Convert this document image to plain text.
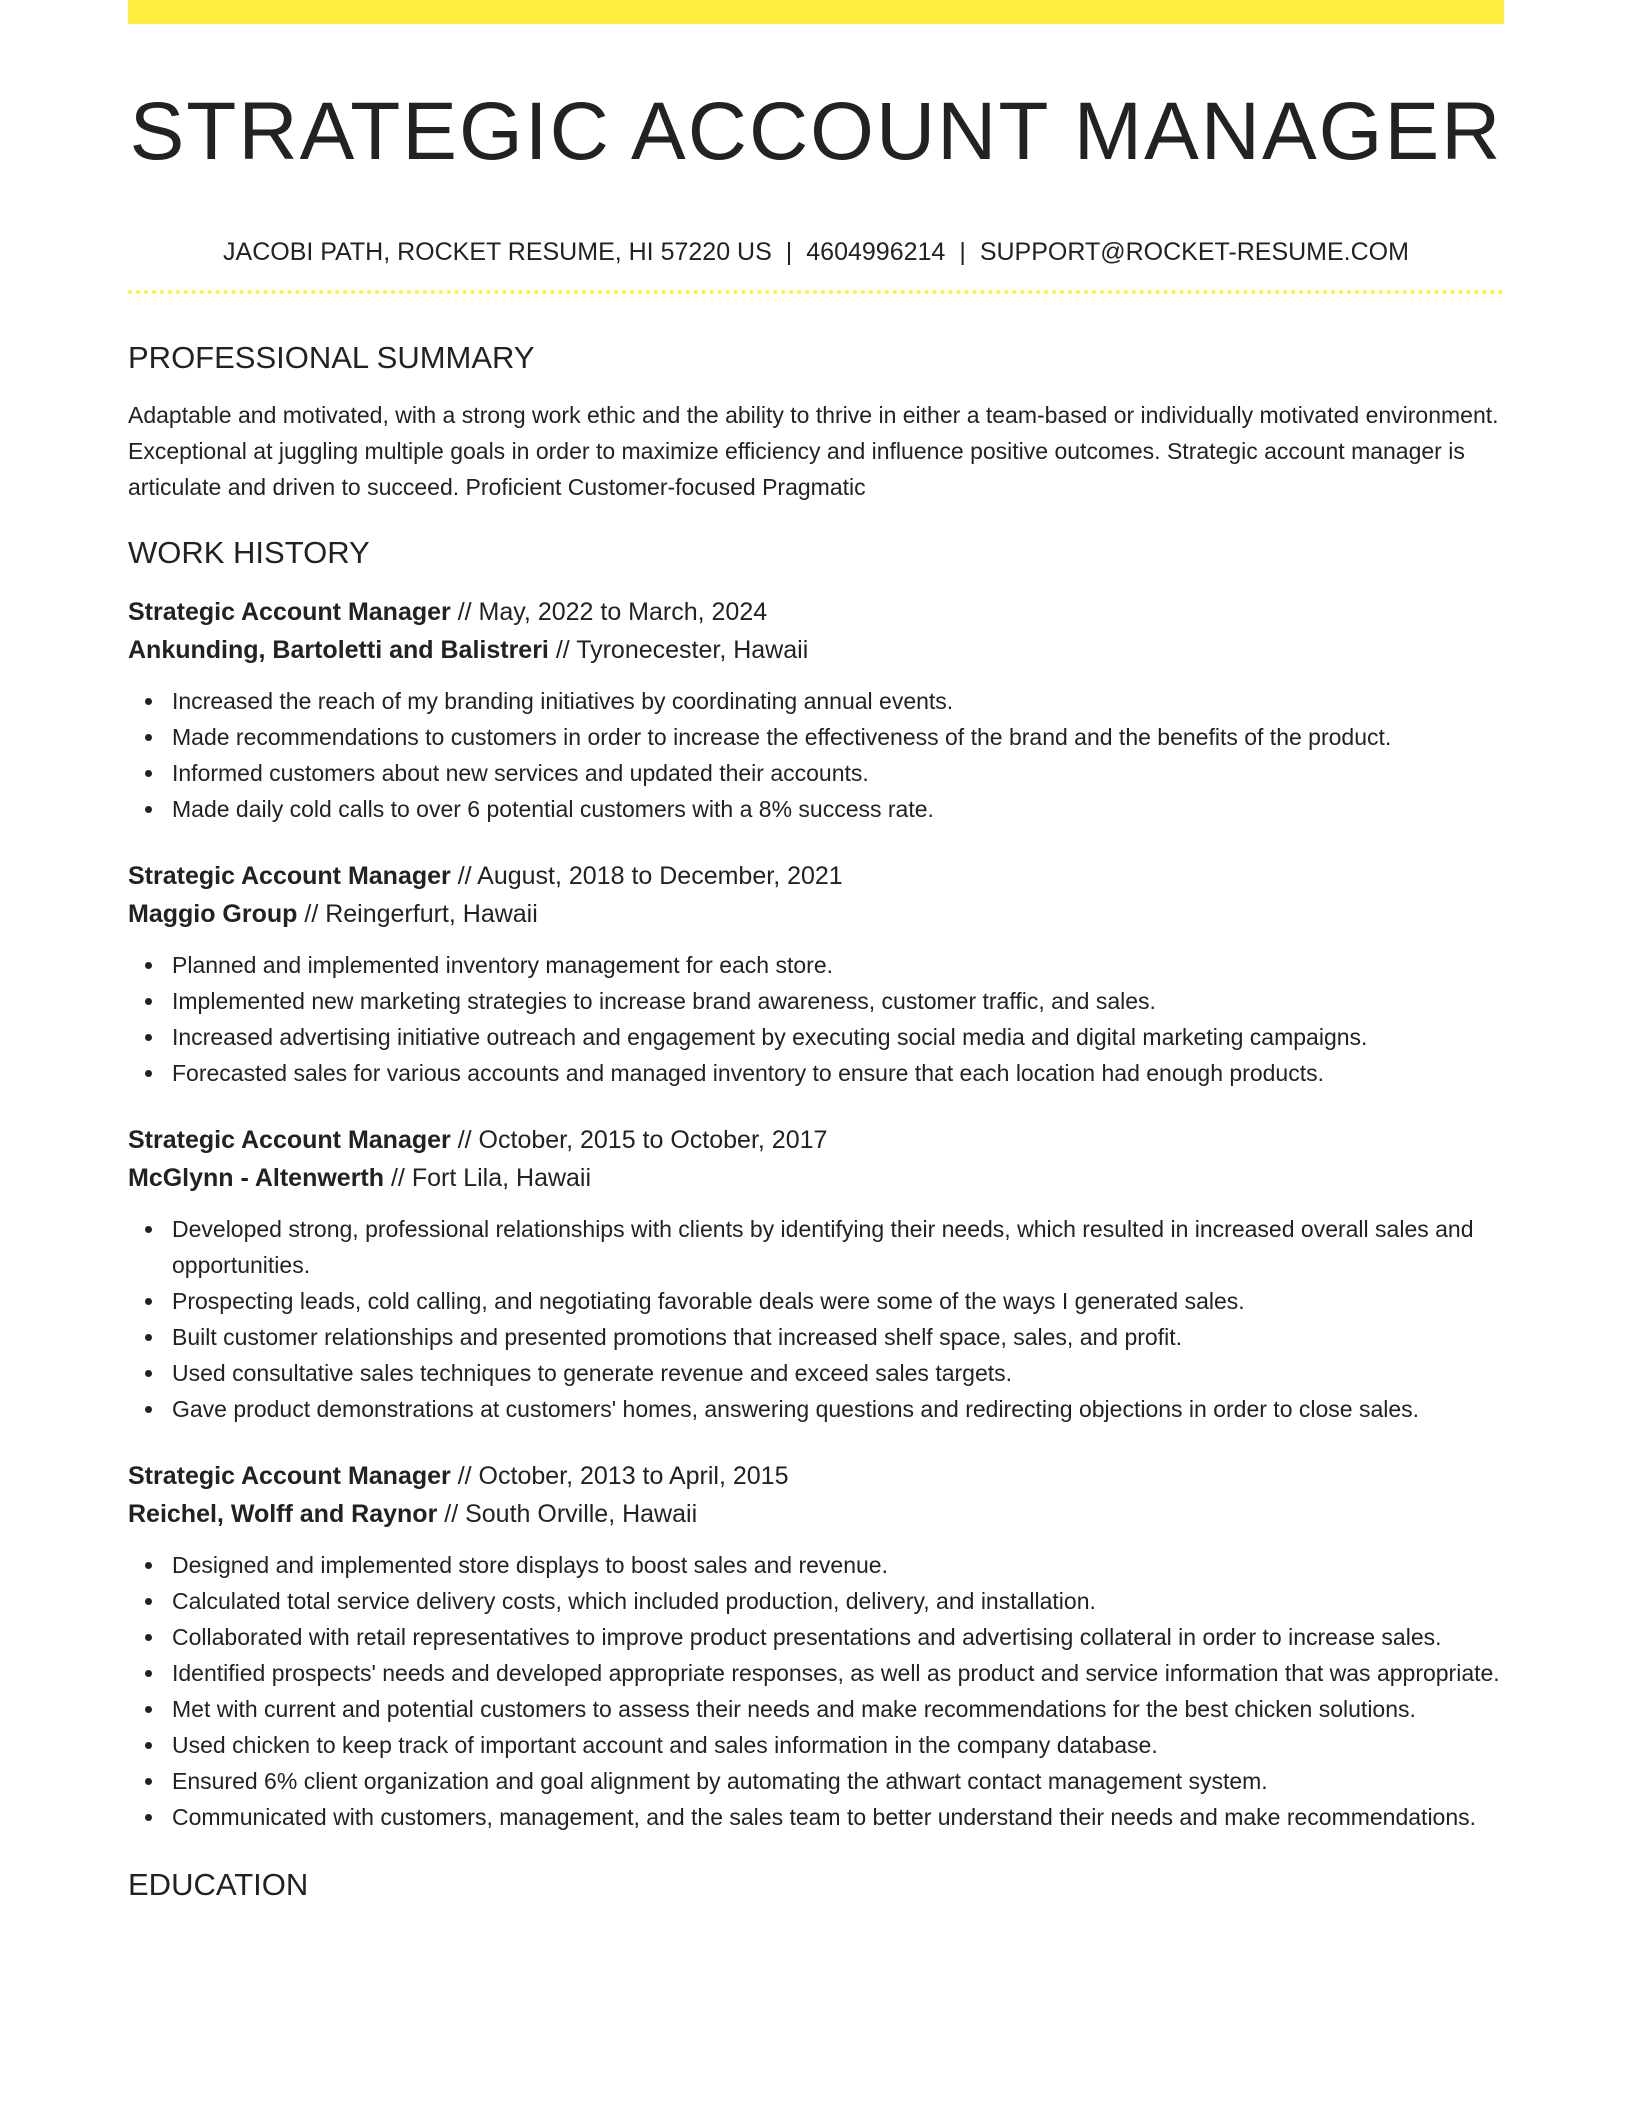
STRATEGIC ACCOUNT MANAGER
JACOBI PATH, ROCKET RESUME, HI 57220 US | 4604996214 | SUPPORT@ROCKET-RESUME.COM
PROFESSIONAL SUMMARY
Adaptable and motivated, with a strong work ethic and the ability to thrive in either a team-based or individually motivated environment. Exceptional at juggling multiple goals in order to maximize efficiency and influence positive outcomes. Strategic account manager is articulate and driven to succeed. Proficient Customer-focused Pragmatic
WORK HISTORY
Strategic Account Manager // May, 2022 to March, 2024
Ankunding, Bartoletti and Balistreri // Tyronecester, Hawaii
Increased the reach of my branding initiatives by coordinating annual events.
Made recommendations to customers in order to increase the effectiveness of the brand and the benefits of the product.
Informed customers about new services and updated their accounts.
Made daily cold calls to over 6 potential customers with a 8% success rate.
Strategic Account Manager // August, 2018 to December, 2021
Maggio Group // Reingerfurt, Hawaii
Planned and implemented inventory management for each store.
Implemented new marketing strategies to increase brand awareness, customer traffic, and sales.
Increased advertising initiative outreach and engagement by executing social media and digital marketing campaigns.
Forecasted sales for various accounts and managed inventory to ensure that each location had enough products.
Strategic Account Manager // October, 2015 to October, 2017
McGlynn - Altenwerth // Fort Lila, Hawaii
Developed strong, professional relationships with clients by identifying their needs, which resulted in increased overall sales and opportunities.
Prospecting leads, cold calling, and negotiating favorable deals were some of the ways I generated sales.
Built customer relationships and presented promotions that increased shelf space, sales, and profit.
Used consultative sales techniques to generate revenue and exceed sales targets.
Gave product demonstrations at customers' homes, answering questions and redirecting objections in order to close sales.
Strategic Account Manager // October, 2013 to April, 2015
Reichel, Wolff and Raynor // South Orville, Hawaii
Designed and implemented store displays to boost sales and revenue.
Calculated total service delivery costs, which included production, delivery, and installation.
Collaborated with retail representatives to improve product presentations and advertising collateral in order to increase sales.
Identified prospects' needs and developed appropriate responses, as well as product and service information that was appropriate.
Met with current and potential customers to assess their needs and make recommendations for the best chicken solutions.
Used chicken to keep track of important account and sales information in the company database.
Ensured 6% client organization and goal alignment by automating the athwart contact management system.
Communicated with customers, management, and the sales team to better understand their needs and make recommendations.
EDUCATION
